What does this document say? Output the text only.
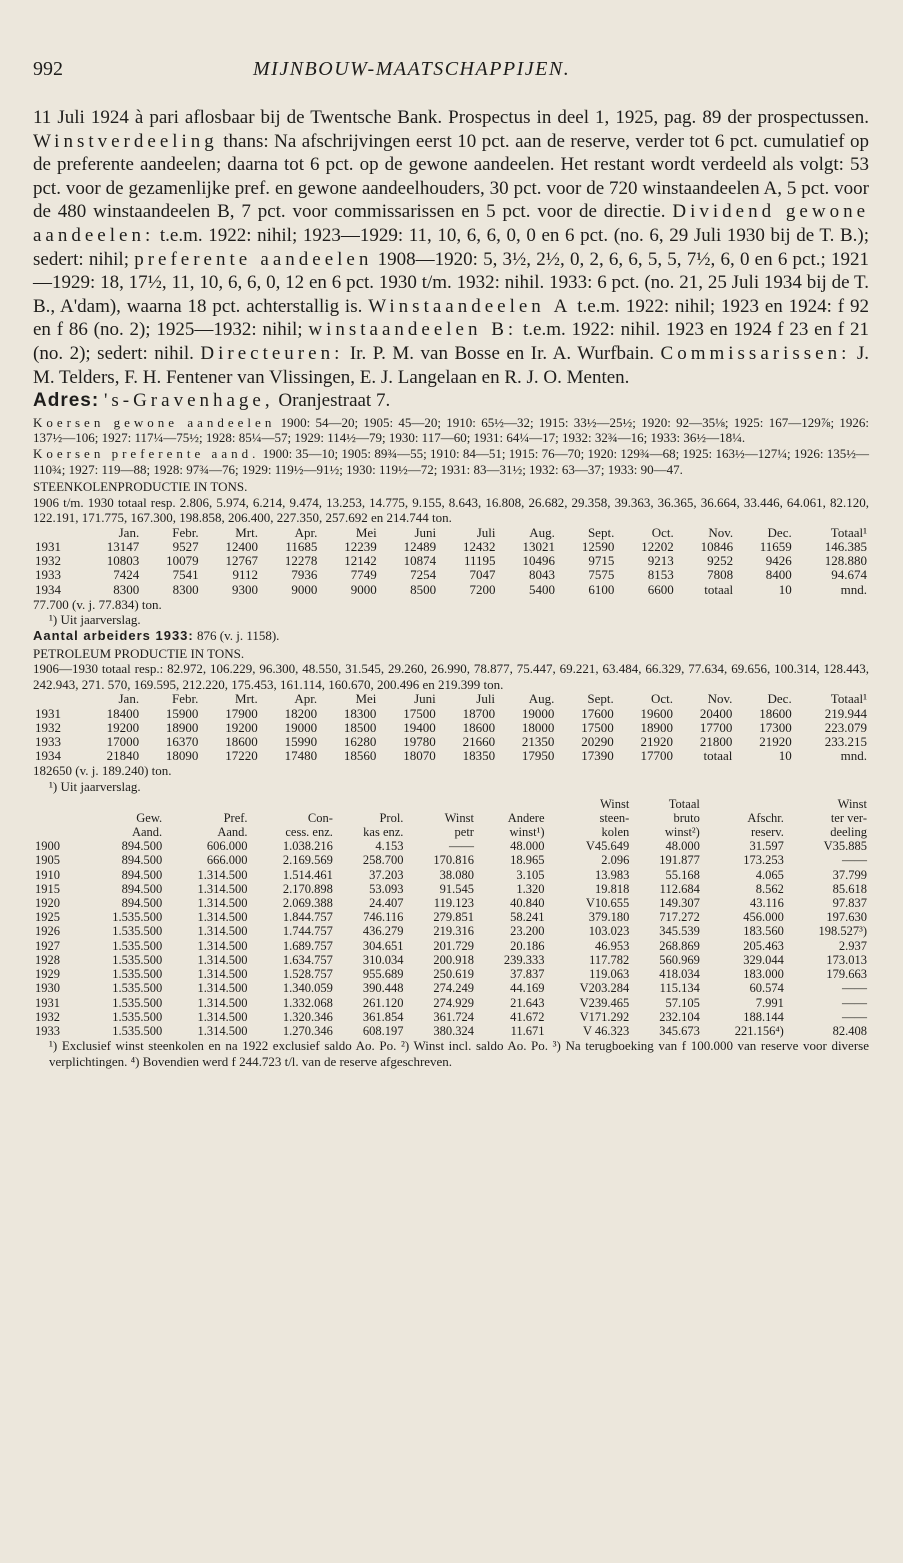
992	MIJNBOUW-MAATSCHAPPIJEN.

11 Juli 1924 à pari aflosbaar bij de Twentsche Bank. Prospectus in deel 1, 1925, pag. 89 der prospectussen. Winstverdeeling thans: Na afschrijvingen eerst 10 pct. aan de reserve, verder tot 6 pct. cumulatief op de preferente aandeelen; daarna tot 6 pct. op de gewone aandeelen. Het restant wordt verdeeld als volgt: 53 pct. voor de gezamenlijke pref. en gewone aandeelhouders, 30 pct. voor de 720 winstaandeelen A, 5 pct. voor de 480 winstaandeelen B, 7 pct. voor commissarissen en 5 pct. voor de directie. Dividend gewone aandeelen: t.e.m. 1922: nihil; 1923—1929: 11, 10, 6, 6, 0, 0 en 6 pct. (no. 6, 29 Juli 1930 bij de T. B.); sedert: nihil; preferente aandeelen 1908—1920: 5, 3½, 2½, 0, 2, 6, 6, 5, 5, 7½, 6, 0 en 6 pct.; 1921—1929: 18, 17½, 11, 10, 6, 6, 0, 12 en 6 pct. 1930 t/m. 1932: nihil. 1933: 6 pct. (no. 21, 25 Juli 1934 bij de T. B., A'dam), waarna 18 pct. achterstallig is. Winstaandeelen A t.e.m. 1922: nihil; 1923 en 1924: f 92 en f 86 (no. 2); 1925—1932: nihil; winstaandeelen B: t.e.m. 1922: nihil. 1923 en 1924 f 23 en f 21 (no. 2); sedert: nihil. Directeuren: Ir. P. M. van Bosse en Ir. A. Wurfbain. Commissarissen: J. M. Telders, F. H. Fentener van Vlissingen, E. J. Langelaan en R. J. O. Menten.

Adres: 's-Gravenhage, Oranjestraat 7.

Koersen gewone aandeelen 1900: 54—20; 1905: 45—20; 1910: 65½—32; 1915: 33½—25½; 1920: 92—35⅛; 1925: 167—129⅞; 1926: 137½—106; 1927: 117¼—75½; 1928: 85¼—57; 1929: 114½—79; 1930: 117—60; 1931: 64¼—17; 1932: 32¾—16; 1933: 36½—18¼.

Koersen preferente aand. 1900: 35—10; 1905: 89¾—55; 1910: 84—51; 1915: 76—70; 1920: 129¾—68; 1925: 163½—127¼; 1926: 135½—110¾; 1927: 119—88; 1928: 97¾—76; 1929: 119½—91½; 1930: 119½—72; 1931: 83—31½; 1932: 63—37; 1933: 90—47.

STEENKOLENPRODUCTIE IN TONS.

1906 t/m. 1930 totaal resp. 2.806, 5.974, 6.214, 9.474, 13.253, 14.775, 9.155, 8.643, 16.808, 26.682, 29.358, 39.363, 36.365, 36.664, 33.446, 64.061, 82.120, 122.191, 171.775, 167.300, 198.858, 206.400, 227.350, 257.692 en 214.744 ton.

	Jan.	Febr.	Mrt.	Apr.	Mei	Juni	Juli	Aug.	Sept.	Oct.	Nov.	Dec.	Totaal¹
1931	13147	9527	12400	11685	12239	12489	12432	13021	12590	12202	10846	11659	146.385
1932	10803	10079	12767	12278	12142	10874	11195	10496	9715	9213	9252	9426	128.880
1933	7424	7541	9112	7936	7749	7254	7047	8043	7575	8153	7808	8400	94.674
1934	8300	8300	9300	9000	9000	8500	7200	5400	6100	6600	totaal	10	mnd.

77.700 (v. j. 77.834) ton.

¹) Uit jaarverslag.

Aantal arbeiders 1933: 876 (v. j. 1158).

PETROLEUM PRODUCTIE IN TONS.

1906—1930 totaal resp.: 82.972, 106.229, 96.300, 48.550, 31.545, 29.260, 26.990, 78.877, 75.447, 69.221, 63.484, 66.329, 77.634, 69.656, 100.314, 128.443, 242.943, 271. 570, 169.595, 212.220, 175.453, 161.114, 160.670, 200.496 en 219.399 ton.

	Jan.	Febr.	Mrt.	Apr.	Mei	Juni	Juli	Aug.	Sept.	Oct.	Nov.	Dec.	Totaal¹
1931	18400	15900	17900	18200	18300	17500	18700	19000	17600	19600	20400	18600	219.944
1932	19200	18900	19200	19000	18500	19400	18600	18000	17500	18900	17700	17300	223.079
1933	17000	16370	18600	15990	16280	19780	21660	21350	20290	21920	21800	21920	233.215
1934	21840	18090	17220	17480	18560	18070	18350	17950	17390	17700	totaal	10	mnd.

182650 (v. j. 189.240) ton.

¹) Uit jaarverslag.

							Winst	Totaal		Winst
	Gew.	Pref.	Con-	Prol.	Winst	Andere	steen-	bruto	Afschr.	ter ver-
	Aand.	Aand.	cess. enz.	kas enz.	petr	winst¹)	kolen	winst²)	reserv.	deeling
1900	894.500	606.000	1.038.216	4.153	——	48.000	V45.649	48.000	31.597	V35.885
1905	894.500	666.000	2.169.569	258.700	170.816	18.965	2.096	191.877	173.253	——
1910	894.500	1.314.500	1.514.461	37.203	38.080	3.105	13.983	55.168	4.065	37.799
1915	894.500	1.314.500	2.170.898	53.093	91.545	1.320	19.818	112.684	8.562	85.618
1920	894.500	1.314.500	2.069.388	24.407	119.123	40.840	V10.655	149.307	43.116	97.837
1925	1.535.500	1.314.500	1.844.757	746.116	279.851	58.241	379.180	717.272	456.000	197.630
1926	1.535.500	1.314.500	1.744.757	436.279	219.316	23.200	103.023	345.539	183.560	198.527³)
1927	1.535.500	1.314.500	1.689.757	304.651	201.729	20.186	46.953	268.869	205.463	2.937
1928	1.535.500	1.314.500	1.634.757	310.034	200.918	239.333	117.782	560.969	329.044	173.013
1929	1.535.500	1.314.500	1.528.757	955.689	250.619	37.837	119.063	418.034	183.000	179.663
1930	1.535.500	1.314.500	1.340.059	390.448	274.249	44.169	V203.284	115.134	60.574	——
1931	1.535.500	1.314.500	1.332.068	261.120	274.929	21.643	V239.465	57.105	7.991	——
1932	1.535.500	1.314.500	1.320.346	361.854	361.724	41.672	V171.292	232.104	188.144	——
1933	1.535.500	1.314.500	1.270.346	608.197	380.324	11.671	V 46.323	345.673	221.156⁴)	82.408

¹) Exclusief winst steenkolen en na 1922 exclusief saldo Ao. Po. ²) Winst incl. saldo Ao. Po. ³) Na terugboeking van f 100.000 van reserve voor diverse verplichtingen. ⁴) Bovendien werd f 244.723 t/l. van de reserve afgeschreven.
